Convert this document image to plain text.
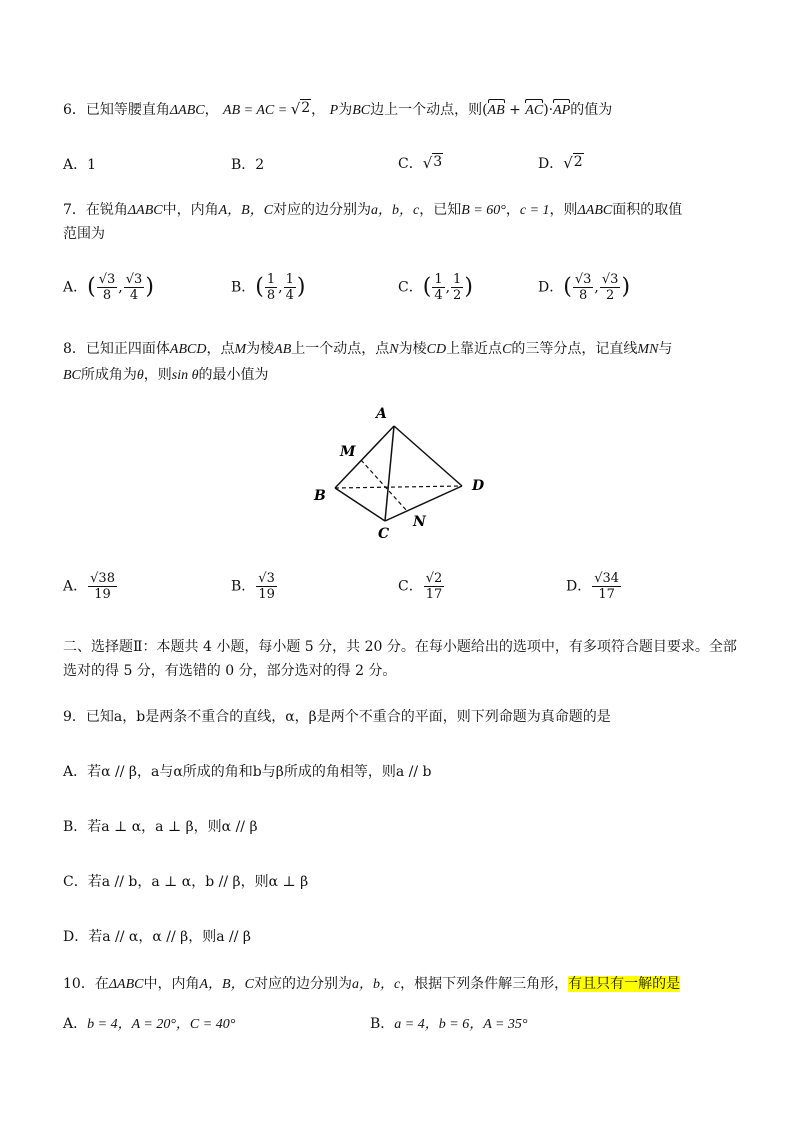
6．已知等腰直角ΔABC， AB = AC = √ 2 ， P为BC边上一个动点，则(AB + AC)·AP的值为
A．1	B．2	C． √ 3	D． √ 2
7．在锐角ΔABC中，内角A，B，C对应的边分别为a，b，c，已知B = 60°，c = 1，则ΔABC面积的取值
范围为
A．( $\frac{√3}{8}$ , $\frac{√3}{4}$ )	B．( $\frac{1}{8}$ , $\frac{1}{4}$ )	C．( $\frac{1}{4}$ , $\frac{1}{2}$ )	D．( $\frac{√3}{8}$ , $\frac{√3}{2}$ )
8．已知正四面体ABCD，点M为棱AB上一个动点，点N为棱CD上靠近点C的三等分点，记直线MN与
BC所成角为θ，则sin θ的最小值为
A
M
B
D
N
C
A． $\frac{√38}{19}$	B． $\frac{√3}{19}$	C． $\frac{√2}{17}$	D． $\frac{√34}{17}$
二、选择题Ⅱ：本题共 4 小题，每小题 5 分，共 20 分。在每小题给出的选项中，有多项符合题目要求。全部
选对的得 5 分，有选错的 0 分，部分选对的得 2 分。
9．已知a，b是两条不重合的直线，α，β是两个不重合的平面，则下列命题为真命题的是
A．若α // β，a与α所成的角和b与β所成的角相等，则a // b
B．若a ⊥ α，a ⊥ β，则α // β
C．若a // b，a ⊥ α，b // β，则α ⊥ β
D．若a // α，α // β，则a // β
10．在ΔABC中，内角A，B，C对应的边分别为a，b，c，根据下列条件解三角形，有且只有一解的是
A．b = 4，A = 20°，C = 40°	B．a = 4，b = 6，A = 35°
